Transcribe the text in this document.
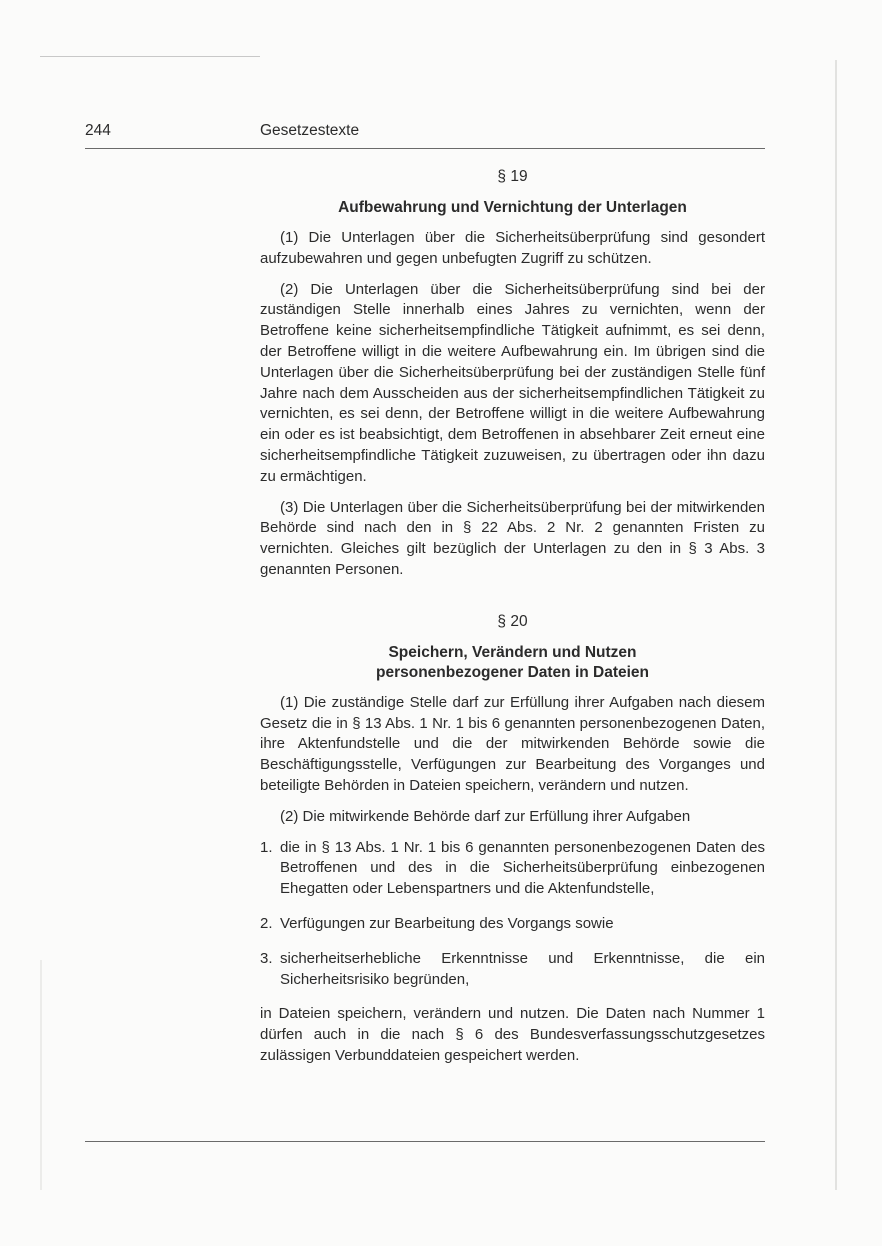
244	Gesetzestexte
§ 19
Aufbewahrung und Vernichtung der Unterlagen

(1) Die Unterlagen über die Sicherheitsüberprüfung sind gesondert aufzubewahren und gegen unbefugten Zugriff zu schützen.

(2) Die Unterlagen über die Sicherheitsüberprüfung sind bei der zuständigen Stelle innerhalb eines Jahres zu vernichten, wenn der Betroffene keine sicherheitsempfindliche Tätigkeit aufnimmt, es sei denn, der Betroffene willigt in die weitere Aufbewahrung ein. Im übrigen sind die Unterlagen über die Sicherheitsüberprüfung bei der zuständigen Stelle fünf Jahre nach dem Ausscheiden aus der sicherheitsempfindlichen Tätigkeit zu vernichten, es sei denn, der Betroffene willigt in die weitere Aufbewahrung ein oder es ist beabsichtigt, dem Betroffenen in absehbarer Zeit erneut eine sicherheitsempfindliche Tätigkeit zuzuweisen, zu übertragen oder ihn dazu zu ermächtigen.

(3) Die Unterlagen über die Sicherheitsüberprüfung bei der mitwirkenden Behörde sind nach den in § 22 Abs. 2 Nr. 2 genannten Fristen zu vernichten. Gleiches gilt bezüglich der Unterlagen zu den in § 3 Abs. 3 genannten Personen.

§ 20
Speichern, Verändern und Nutzen
personenbezogener Daten in Dateien

(1) Die zuständige Stelle darf zur Erfüllung ihrer Aufgaben nach diesem Gesetz die in § 13 Abs. 1 Nr. 1 bis 6 genannten personenbezogenen Daten, ihre Aktenfundstelle und die der mitwirkenden Behörde sowie die Beschäftigungsstelle, Verfügungen zur Bearbeitung des Vorganges und beteiligte Behörden in Dateien speichern, verändern und nutzen.

(2) Die mitwirkende Behörde darf zur Erfüllung ihrer Aufgaben

1. die in § 13 Abs. 1 Nr. 1 bis 6 genannten personenbezogenen Daten des Betroffenen und des in die Sicherheitsüberprüfung einbezogenen Ehegatten oder Lebenspartners und die Aktenfundstelle,
2. Verfügungen zur Bearbeitung des Vorgangs sowie
3. sicherheitserhebliche Erkenntnisse und Erkenntnisse, die ein Sicherheitsrisiko begründen,

in Dateien speichern, verändern und nutzen. Die Daten nach Nummer 1 dürfen auch in die nach § 6 des Bundesverfassungsschutzgesetzes zulässigen Verbunddateien gespeichert werden.
